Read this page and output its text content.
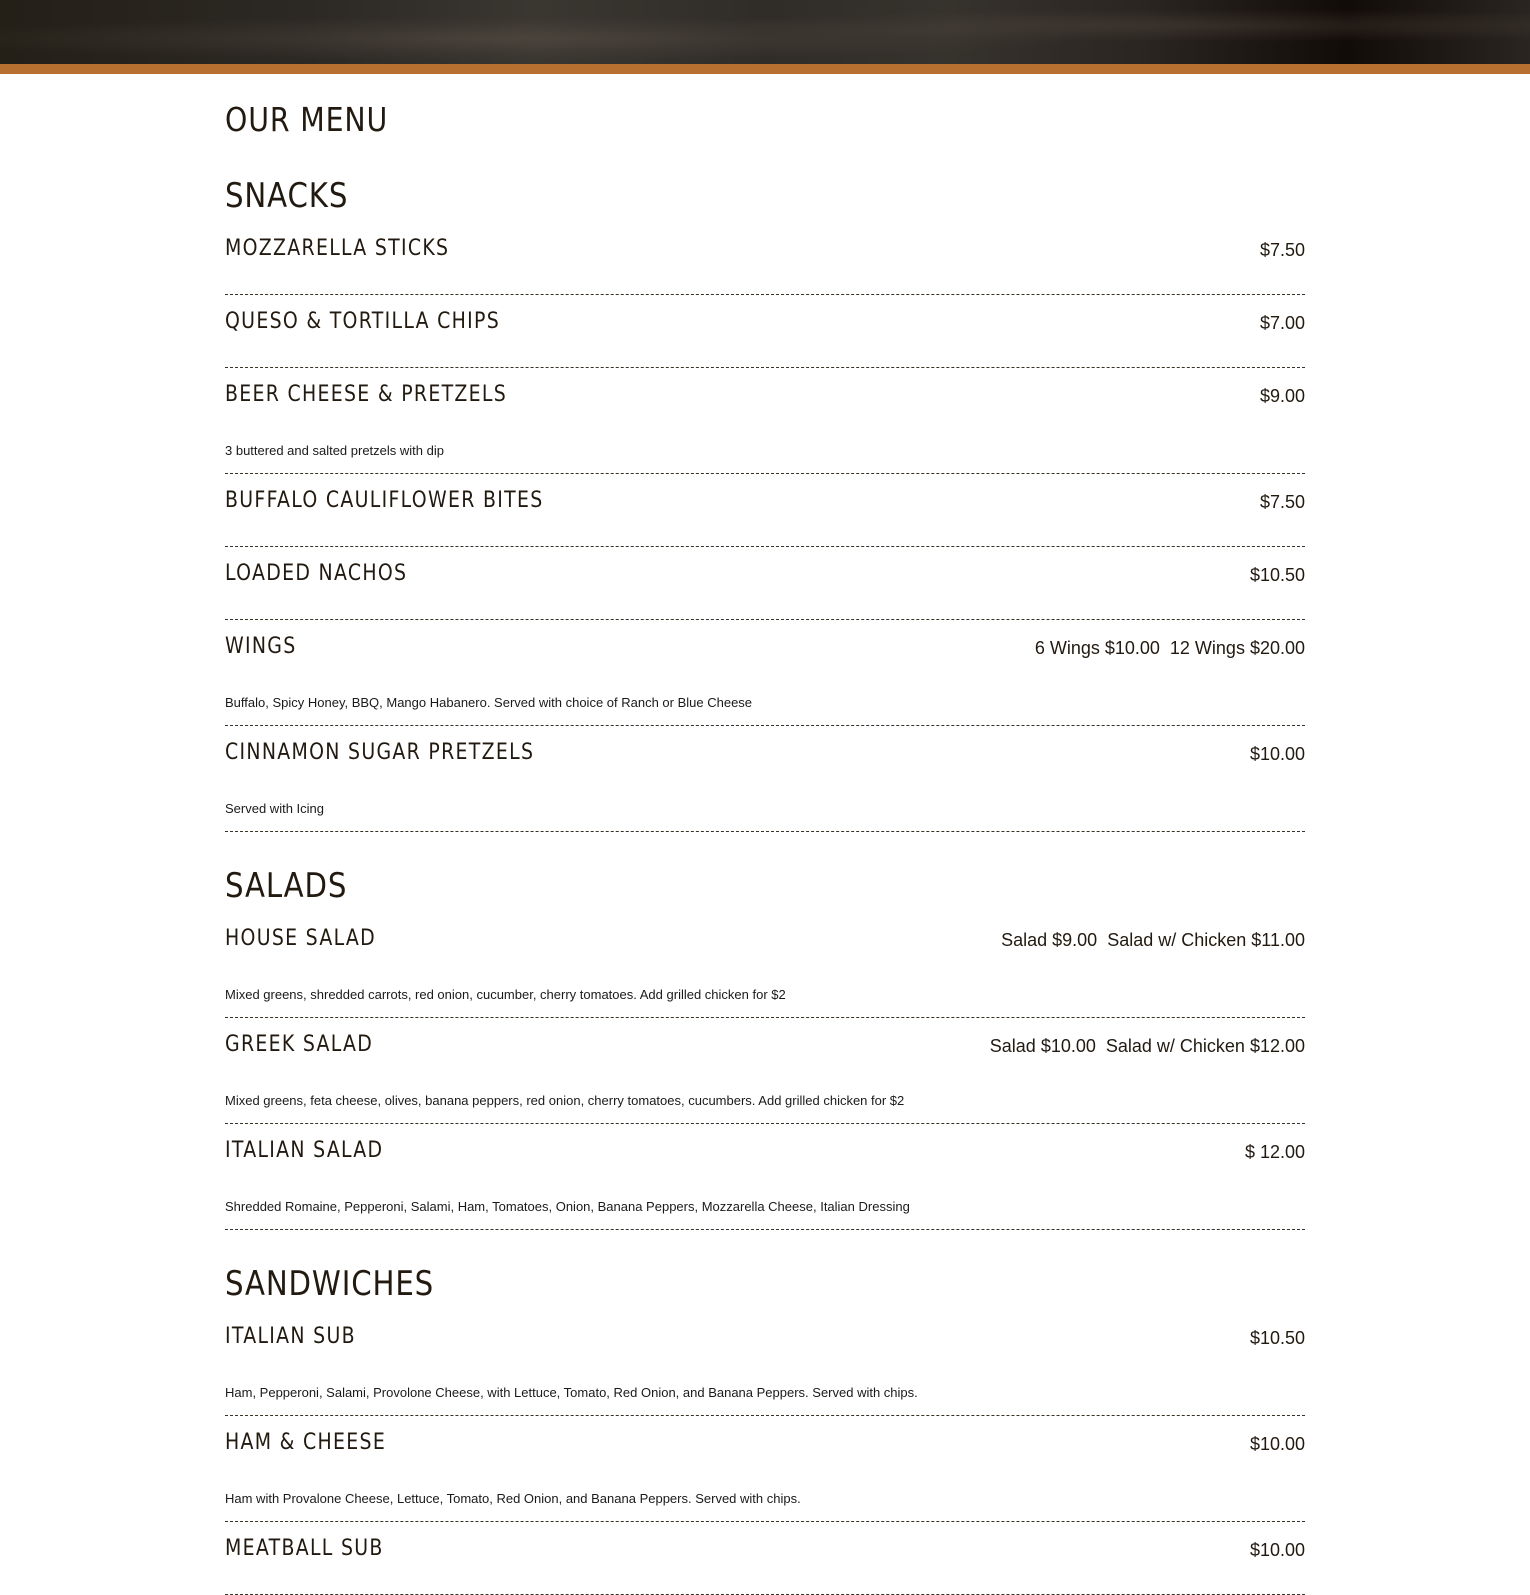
OUR MENU
SNACKS
MOZZARELLA STICKS	$7.50
QUESO & TORTILLA CHIPS	$7.00
BEER CHEESE & PRETZELS	$9.00
3 buttered and salted pretzels with dip
BUFFALO CAULIFLOWER BITES	$7.50
LOADED NACHOS	$10.50
WINGS	6 Wings $10.00 12 Wings $20.00
Buffalo, Spicy Honey, BBQ, Mango Habanero. Served with choice of Ranch or Blue Cheese
CINNAMON SUGAR PRETZELS	$10.00
Served with Icing
SALADS
HOUSE SALAD	Salad $9.00 Salad w/ Chicken $11.00
Mixed greens, shredded carrots, red onion, cucumber, cherry tomatoes. Add grilled chicken for $2
GREEK SALAD	Salad $10.00 Salad w/ Chicken $12.00
Mixed greens, feta cheese, olives, banana peppers, red onion, cherry tomatoes, cucumbers. Add grilled chicken for $2
ITALIAN SALAD	$ 12.00
Shredded Romaine, Pepperoni, Salami, Ham, Tomatoes, Onion, Banana Peppers, Mozzarella Cheese, Italian Dressing
SANDWICHES
ITALIAN SUB	$10.50
Ham, Pepperoni, Salami, Provolone Cheese, with Lettuce, Tomato, Red Onion, and Banana Peppers. Served with chips.
HAM & CHEESE	$10.00
Ham with Provalone Cheese, Lettuce, Tomato, Red Onion, and Banana Peppers. Served with chips.
MEATBALL SUB	$10.00
